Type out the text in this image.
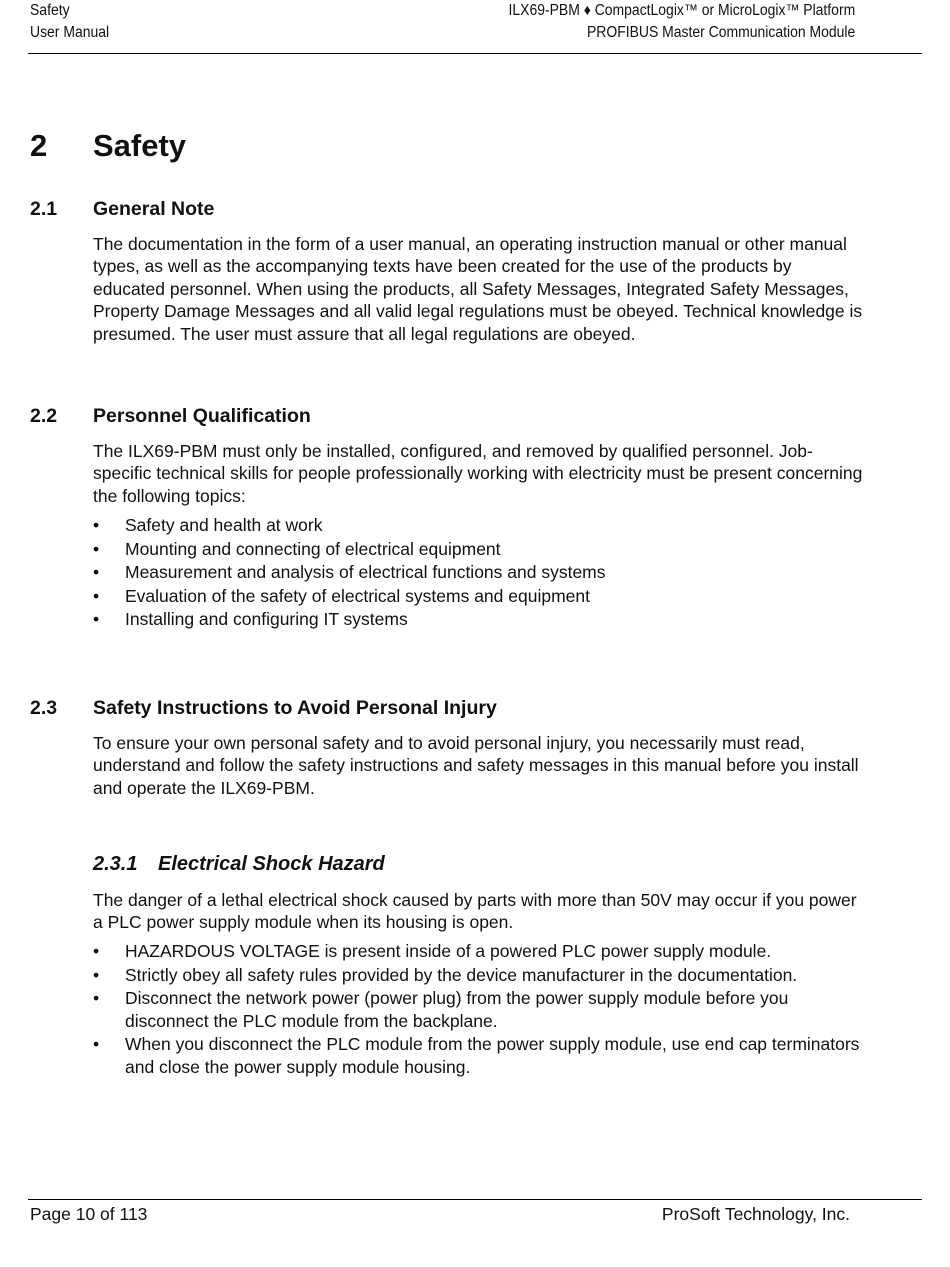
Safety
User Manual
ILX69-PBM ♦ CompactLogix™ or MicroLogix™ Platform
PROFIBUS Master Communication Module
2 Safety
2.1 General Note

The documentation in the form of a user manual, an operating instruction manual or other manual types, as well as the accompanying texts have been created for the use of the products by educated personnel. When using the products, all Safety Messages, Integrated Safety Messages, Property Damage Messages and all valid legal regulations must be obeyed. Technical knowledge is presumed. The user must assure that all legal regulations are obeyed.

2.2 Personnel Qualification

The ILX69-PBM must only be installed, configured, and removed by qualified personnel. Job-specific technical skills for people professionally working with electricity must be present concerning the following topics:

• Safety and health at work
• Mounting and connecting of electrical equipment
• Measurement and analysis of electrical functions and systems
• Evaluation of the safety of electrical systems and equipment
• Installing and configuring IT systems
2.3 Safety Instructions to Avoid Personal Injury

To ensure your own personal safety and to avoid personal injury, you necessarily must read, understand and follow the safety instructions and safety messages in this manual before you install and operate the ILX69-PBM.

2.3.1 Electrical Shock Hazard

The danger of a lethal electrical shock caused by parts with more than 50V may occur if you power a PLC power supply module when its housing is open.

• HAZARDOUS VOLTAGE is present inside of a powered PLC power supply module.
• Strictly obey all safety rules provided by the device manufacturer in the documentation.
• Disconnect the network power (power plug) from the power supply module before you disconnect the PLC module from the backplane.
• When you disconnect the PLC module from the power supply module, use end cap terminators and close the power supply module housing.
Page 10 of 113	ProSoft Technology, Inc.
